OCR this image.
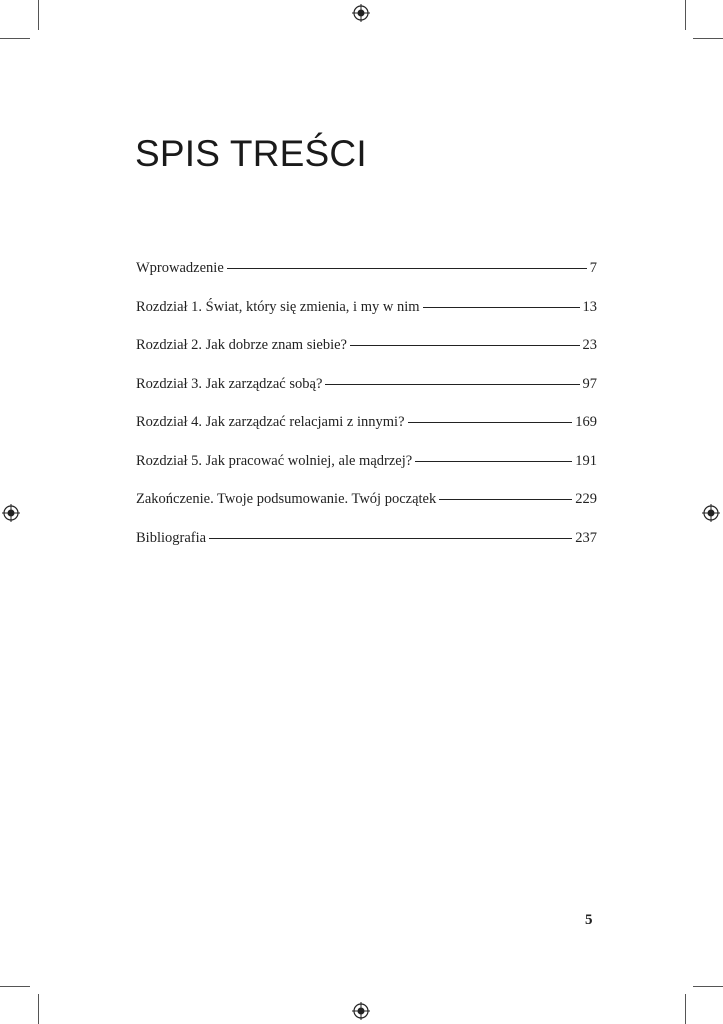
SPIS TREŚCI
Wprowadzenie	7
Rozdział 1. Świat, który się zmienia, i my w nim	13
Rozdział 2. Jak dobrze znam siebie?	23
Rozdział 3. Jak zarządzać sobą?	97
Rozdział 4. Jak zarządzać relacjami z innymi?	169
Rozdział 5. Jak pracować wolniej, ale mądrzej?	191
Zakończenie. Twoje podsumowanie. Twój początek	229
Bibliografia	237
5
